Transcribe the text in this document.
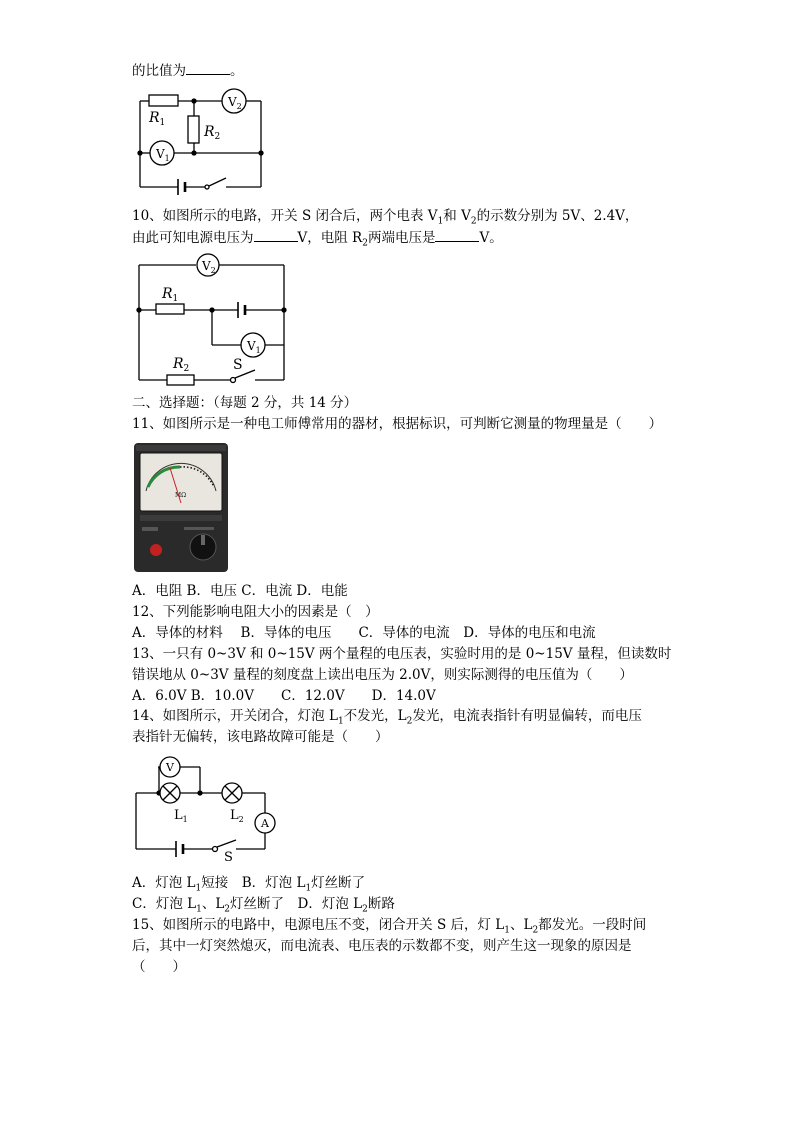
的比值为	。
$R_1$
$R_2$
$V_2$
$V_1$
10、如图所示的电路，开关 S 闭合后，两个电表 $V_1$和 $V_2$的示数分别为 5V、2.4V，
由此可知电源电压为	V，电阻 $R_2$两端电压是	V。
$V_2$
$R_1$
$V_1$
$R_2$	S
二、选择题：（每题 2 分，共 14 分）
11、如图所示是一种电工师傅常用的器材，根据标识，可判断它测量的物理量是（　　）
MΩ
A．电阻 B．电压 C．电流 D．电能
12、下列能影响电阻大小的因素是（　）
A．导体的材料　 B．导体的电压　　C．导体的电流　D．导体的电压和电流
13、一只有 0~3V 和 0~15V 两个量程的电压表，实验时用的是 0~15V 量程，但读数时
错误地从 0~3V 量程的刻度盘上读出电压为 2.0V，则实际测得的电压值为（　　）
A．6.0V B．10.0V　　C．12.0V　　D．14.0V
14、如图所示，开关闭合，灯泡 $L_1$不发光，$L_2$发光，电流表指针有明显偏转，而电压
表指针无偏转，该电路故障可能是（　　）
V
A
$L_1$	$L_2$
S
A．灯泡 $L_1$短接　B．灯泡 $L_1$灯丝断了
C．灯泡 $L_1$、$L_2$灯丝断了　D．灯泡 $L_2$断路
15、如图所示的电路中，电源电压不变，闭合开关 S 后，灯 $L_1$、$L_2$都发光。一段时间
后，其中一灯突然熄灭，而电流表、电压表的示数都不变，则产生这一现象的原因是
（　　）
